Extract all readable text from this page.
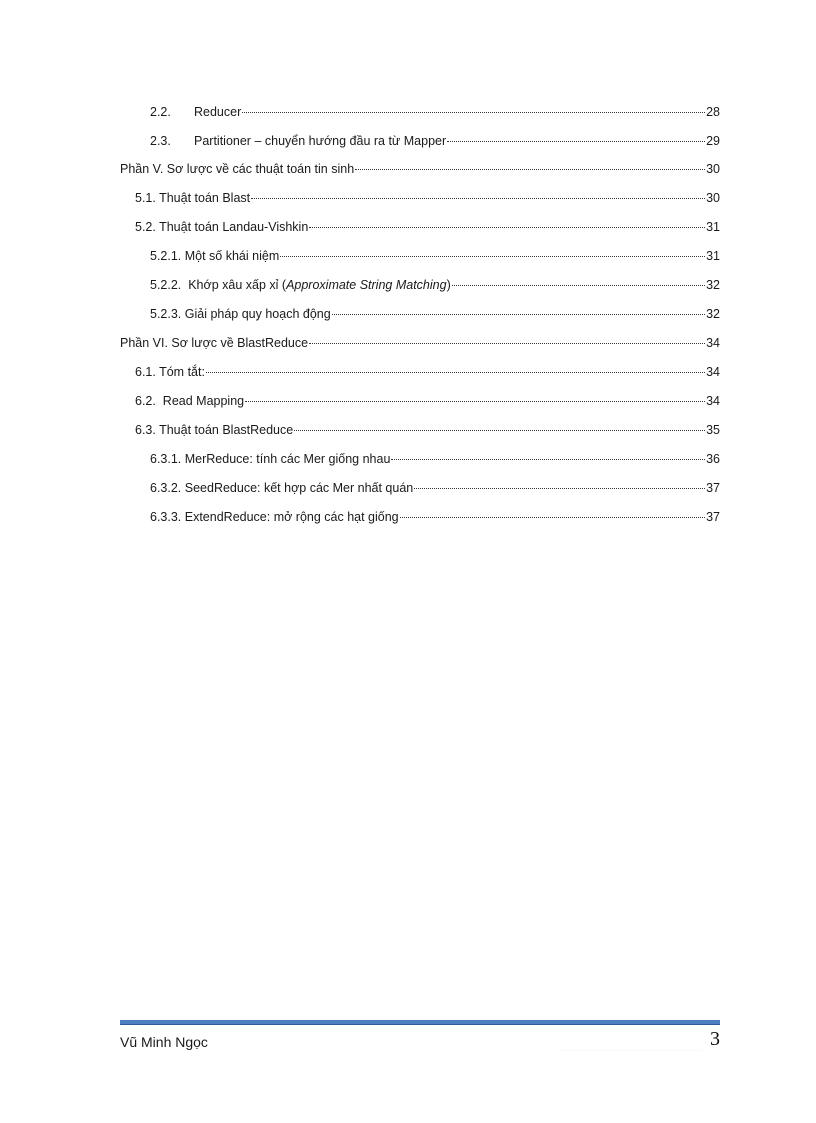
2.2.	Reducer	28
2.3.	Partitioner – chuyển hướng đầu ra từ Mapper	29
Phần V. Sơ lược về các thuật toán tin sinh	30
5.1. Thuật toán Blast	30
5.2. Thuật toán Landau-Vishkin	31
5.2.1. Một số khái niệm	31
5.2.2.  Khớp xâu xấp xỉ (Approximate String Matching)	32
5.2.3. Giải pháp quy hoạch động	32
Phần VI. Sơ lược về BlastReduce	34
6.1. Tóm tắt:	34
6.2.  Read Mapping	34
6.3. Thuật toán BlastReduce	35
6.3.1. MerReduce: tính các Mer giống nhau	36
6.3.2. SeedReduce: kết hợp các Mer nhất quán	37
6.3.3. ExtendReduce: mở rộng các hạt giống	37
Vũ Minh Ngọc	3
